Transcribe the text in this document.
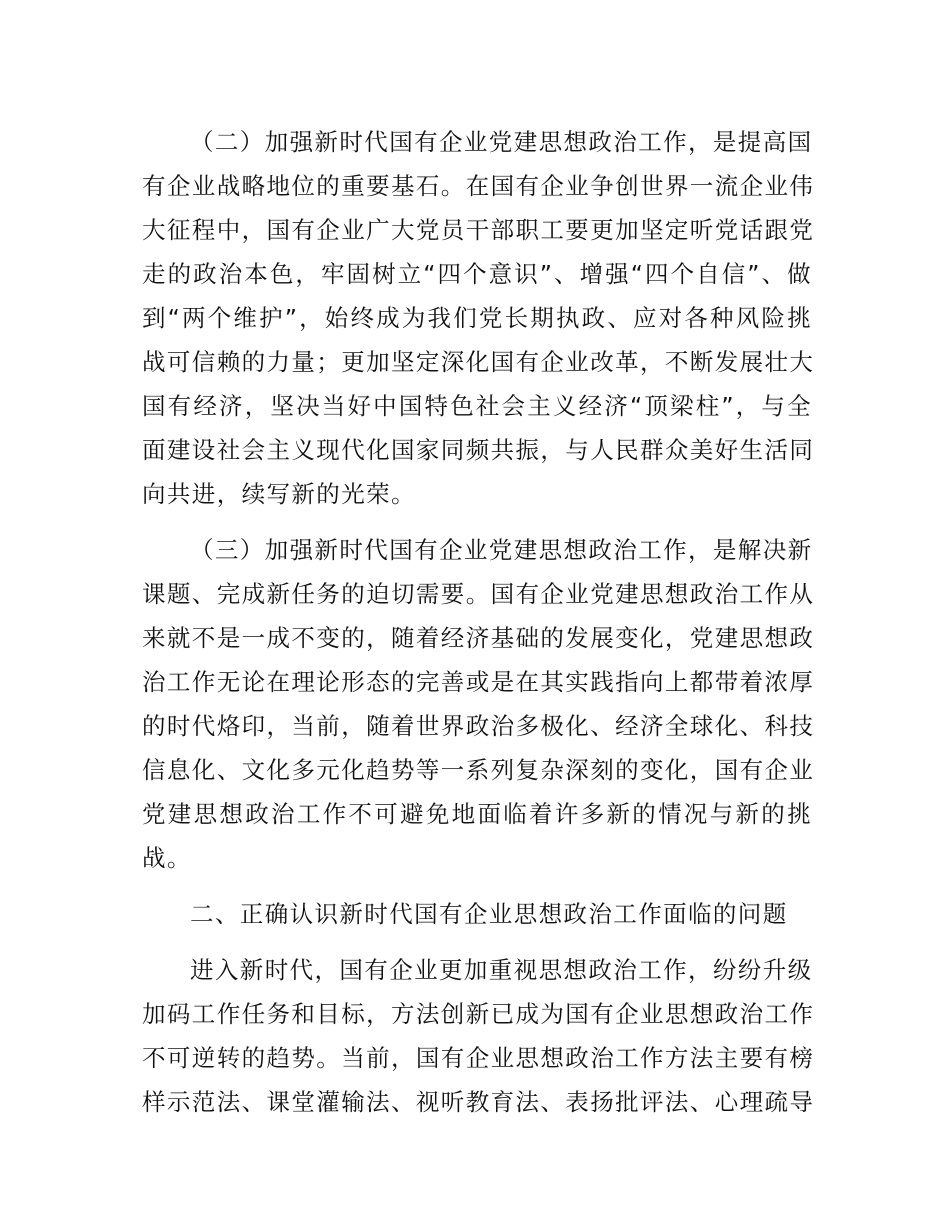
（二）加强新时代国有企业党建思想政治工作，是提高国
有企业战略地位的重要基石。在国有企业争创世界一流企业伟
大征程中，国有企业广大党员干部职工要更加坚定听党话跟党
走的政治本色，牢固树立“四个意识”、增强“四个自信”、做
到“两个维护”，始终成为我们党长期执政、应对各种风险挑
战可信赖的力量；更加坚定深化国有企业改革，不断发展壮大
国有经济，坚决当好中国特色社会主义经济“顶梁柱”，与全
面建设社会主义现代化国家同频共振，与人民群众美好生活同
向共进，续写新的光荣。
（三）加强新时代国有企业党建思想政治工作，是解决新
课题、完成新任务的迫切需要。国有企业党建思想政治工作从
来就不是一成不变的，随着经济基础的发展变化，党建思想政
治工作无论在理论形态的完善或是在其实践指向上都带着浓厚
的时代烙印，当前，随着世界政治多极化、经济全球化、科技
信息化、文化多元化趋势等一系列复杂深刻的变化，国有企业
党建思想政治工作不可避免地面临着许多新的情况与新的挑
战。
二、正确认识新时代国有企业思想政治工作面临的问题
进入新时代，国有企业更加重视思想政治工作，纷纷升级
加码工作任务和目标，方法创新已成为国有企业思想政治工作
不可逆转的趋势。当前，国有企业思想政治工作方法主要有榜
样示范法、课堂灌输法、视听教育法、表扬批评法、心理疏导
